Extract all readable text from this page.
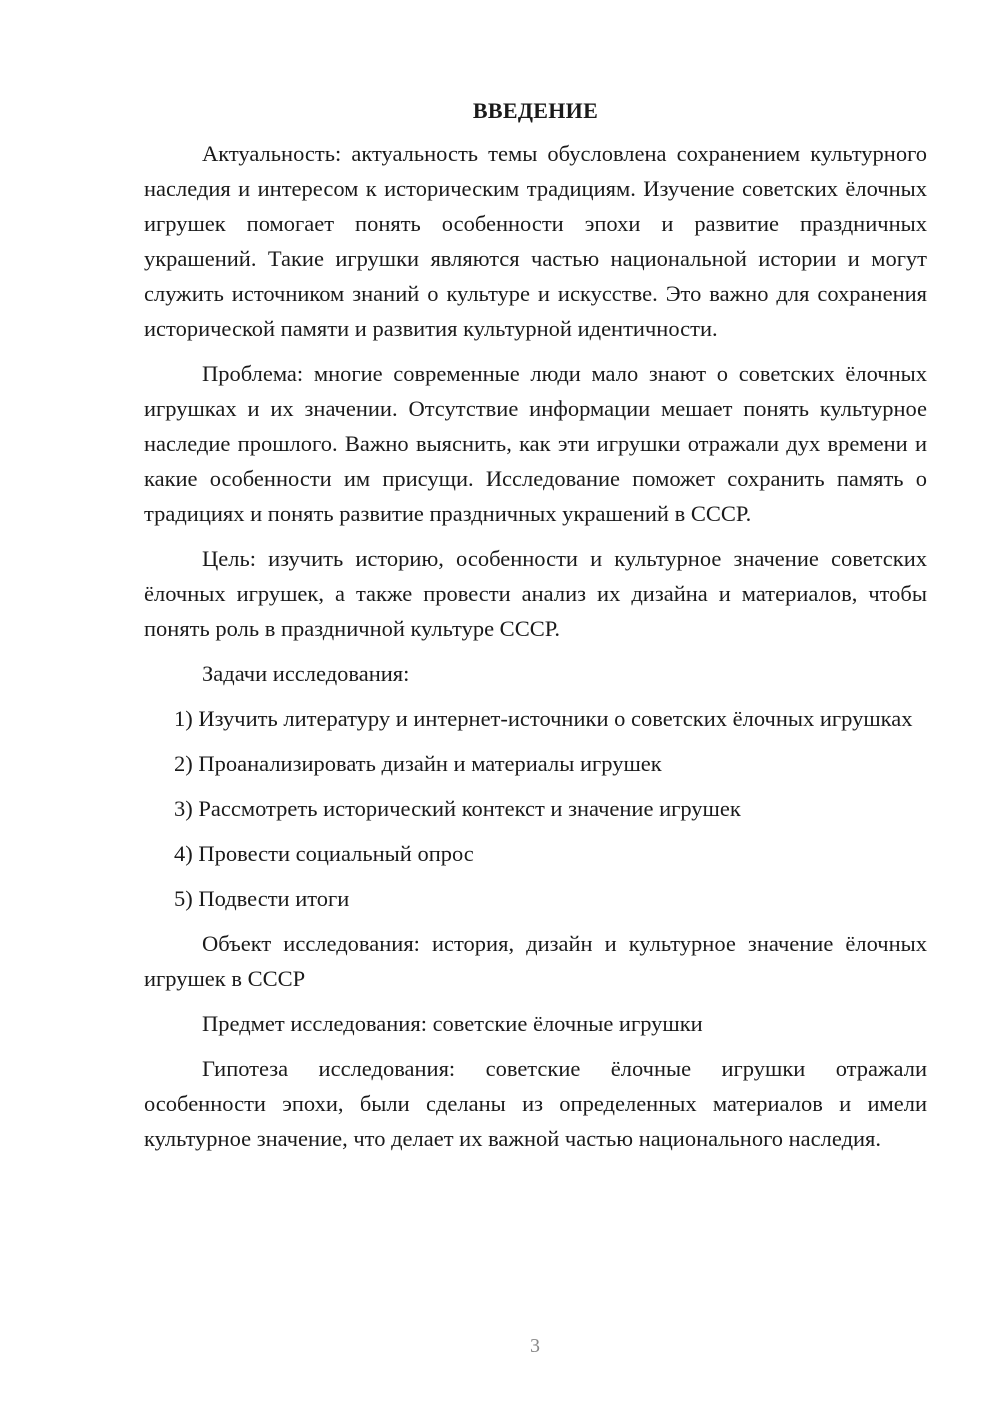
ВВЕДЕНИЕ

Актуальность: актуальность темы обусловлена сохранением культурного наследия и интересом к историческим традициям. Изучение советских ёлочных игрушек помогает понять особенности эпохи и развитие праздничных украшений. Такие игрушки являются частью национальной истории и могут служить источником знаний о культуре и искусстве. Это важно для сохранения исторической памяти и развития культурной идентичности.

Проблема: многие современные люди мало знают о советских ёлочных игрушках и их значении. Отсутствие информации мешает понять культурное наследие прошлого. Важно выяснить, как эти игрушки отражали дух времени и какие особенности им присущи. Исследование поможет сохранить память о традициях и понять развитие праздничных украшений в СССР.

Цель: изучить историю, особенности и культурное значение советских ёлочных игрушек, а также провести анализ их дизайна и материалов, чтобы понять роль в праздничной культуре СССР.

Задачи исследования:

1) Изучить литературу и интернет-источники о советских ёлочных игрушках

2) Проанализировать дизайн и материалы игрушек

3) Рассмотреть исторический контекст и значение игрушек

4) Провести социальный опрос

5) Подвести итоги

Объект исследования: история, дизайн и культурное значение ёлочных игрушек в СССР

Предмет исследования: советские ёлочные игрушки

Гипотеза исследования: советские ёлочные игрушки отражали особенности эпохи, были сделаны из определенных материалов и имели культурное значение, что делает их важной частью национального наследия.

3
